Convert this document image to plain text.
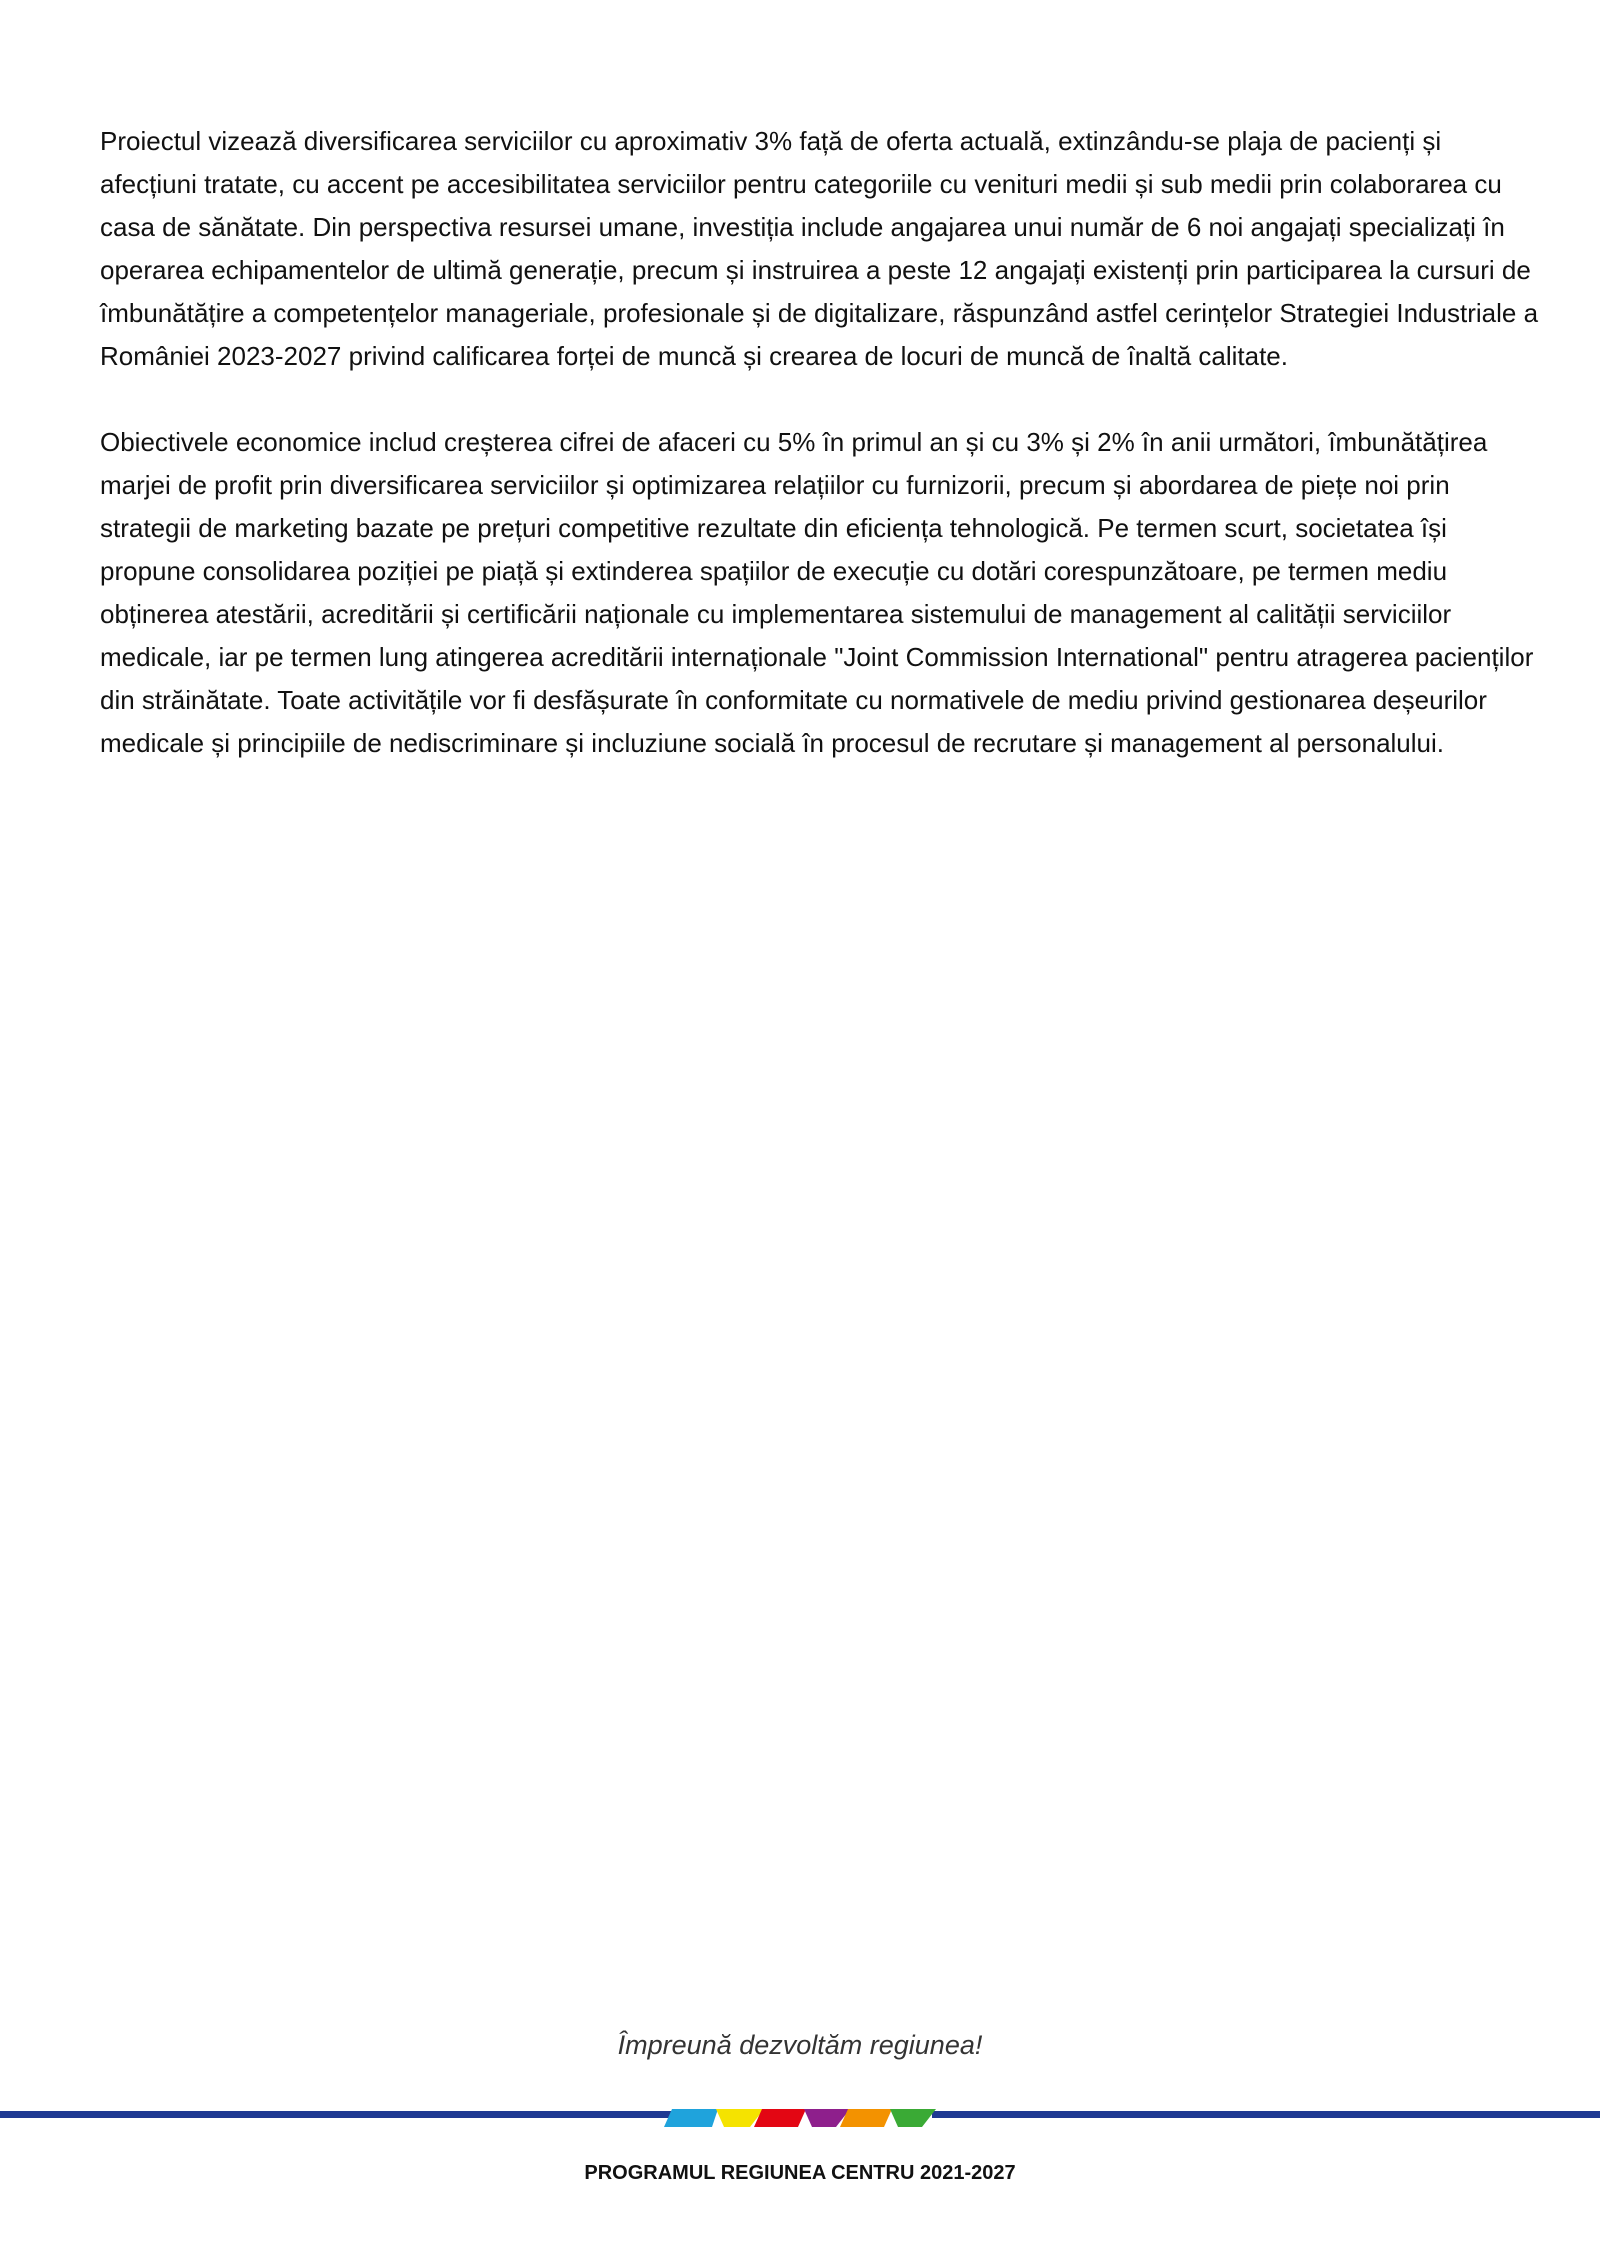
Proiectul vizează diversificarea serviciilor cu aproximativ 3% față de oferta actuală, extinzându-se plaja de pacienți și afecțiuni tratate, cu accent pe accesibilitatea serviciilor pentru categoriile cu venituri medii și sub medii prin colaborarea cu casa de sănătate. Din perspectiva resursei umane, investiția include angajarea unui număr de 6 noi angajați specializați în operarea echipamentelor de ultimă generație, precum și instruirea a peste 12 angajați existenți prin participarea la cursuri de îmbunătățire a competențelor manageriale, profesionale și de digitalizare, răspunzând astfel cerințelor Strategiei Industriale a României 2023-2027 privind calificarea forței de muncă și crearea de locuri de muncă de înaltă calitate.

Obiectivele economice includ creșterea cifrei de afaceri cu 5% în primul an și cu 3% și 2% în anii următori, îmbunătățirea marjei de profit prin diversificarea serviciilor și optimizarea relațiilor cu furnizorii, precum și abordarea de piețe noi prin strategii de marketing bazate pe prețuri competitive rezultate din eficiența tehnologică. Pe termen scurt, societatea își propune consolidarea poziției pe piață și extinderea spațiilor de execuție cu dotări corespunzătoare, pe termen mediu obținerea atestării, acreditării și certificării naționale cu implementarea sistemului de management al calității serviciilor medicale, iar pe termen lung atingerea acreditării internaționale "Joint Commission International" pentru atragerea pacienților din străinătate. Toate activitățile vor fi desfășurate în conformitate cu normativele de mediu privind gestionarea deșeurilor medicale și principiile de nediscriminare și incluziune socială în procesul de recrutare și management al personalului.

Împreună dezvoltăm regiunea!

PROGRAMUL REGIUNEA CENTRU 2021-2027
